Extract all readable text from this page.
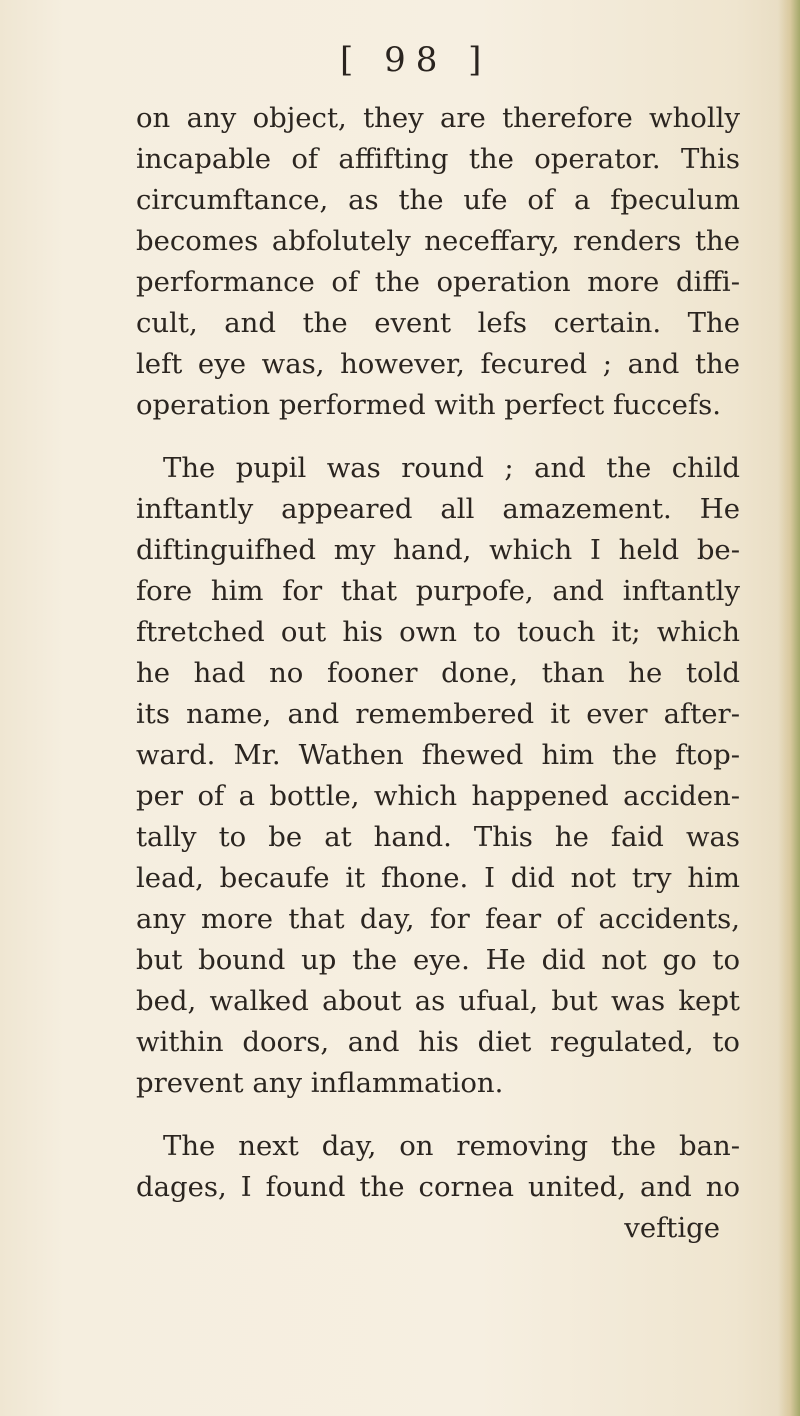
[ 98 ]
on any object, they are therefore wholly
incapable of affifting the operator. This
circumftance, as the ufe of a fpeculum
becomes abfolutely neceffary, renders the
performance of the operation more diffi-
cult, and the event lefs certain. The
left eye was, however, fecured ; and the
operation performed with perfect fuccefs.
The pupil was round ; and the child
inftantly appeared all amazement. He
diftinguifhed my hand, which I held be-
fore him for that purpofe, and inftantly
ftretched out his own to touch it; which
he had no fooner done, than he told
its name, and remembered it ever after-
ward. Mr. Wathen fhewed him the ftop-
per of a bottle, which happened acciden-
tally to be at hand. This he faid was
lead, becaufe it fhone. I did not try him
any more that day, for fear of accidents,
but bound up the eye. He did not go to
bed, walked about as ufual, but was kept
within doors, and his diet regulated, to
prevent any inflammation.
The next day, on removing the ban-
dages, I found the cornea united, and no
veftige
